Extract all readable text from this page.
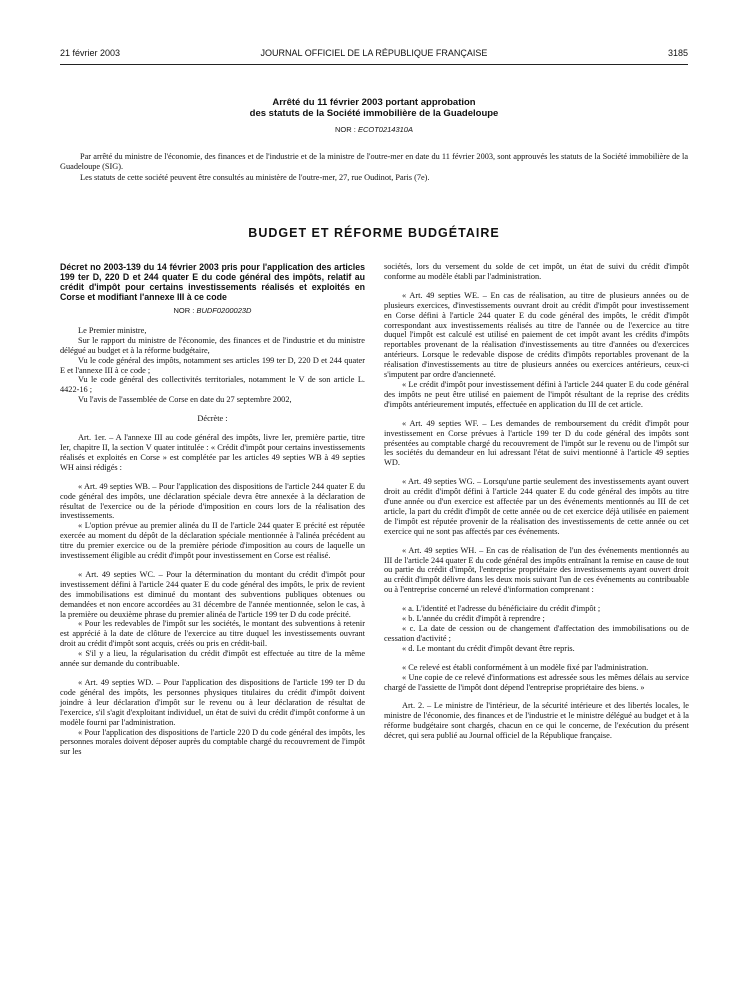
21 février 2003	JOURNAL OFFICIEL DE LA RÉPUBLIQUE FRANÇAISE	3185
Arrêté du 11 février 2003 portant approbation
des statuts de la Société immobilière de la Guadeloupe
NOR : ECOT0214310A

Par arrêté du ministre de l'économie, des finances et de l'industrie et de la ministre de l'outre-mer en date du 11 février 2003, sont approuvés les statuts de la Société immobilière de la Guadeloupe (SIG).

Les statuts de cette société peuvent être consultés au ministère de l'outre-mer, 27, rue Oudinot, Paris (7e).

BUDGET ET RÉFORME BUDGÉTAIRE

Décret no 2003-139 du 14 février 2003 pris pour l'application des articles 199 ter D, 220 D et 244 quater E du code général des impôts, relatif au crédit d'impôt pour certains investissements réalisés et exploités en Corse et modifiant l'annexe III à ce code

NOR : BUDF0200023D

Le Premier ministre,

Sur le rapport du ministre de l'économie, des finances et de l'industrie et du ministre délégué au budget et à la réforme budgétaire,

Vu le code général des impôts, notamment ses articles 199 ter D, 220 D et 244 quater E et l'annexe III à ce code ;

Vu le code général des collectivités territoriales, notamment le V de son article L. 4422-16 ;

Vu l'avis de l'assemblée de Corse en date du 27 septembre 2002,

Décrète :

Art. 1er. – A l'annexe III au code général des impôts, livre Ier, première partie, titre Ier, chapitre II, la section V quater intitulée : « Crédit d'impôt pour certains investissements réalisés et exploités en Corse » est complétée par les articles 49 septies WB à 49 septies WH ainsi rédigés :

« Art. 49 septies WB. – Pour l'application des dispositions de l'article 244 quater E du code général des impôts, une déclaration spéciale devra être annexée à la déclaration de résultat de l'exercice ou de la période d'imposition en cours lors de la réalisation des investissements.

« L'option prévue au premier alinéa du II de l'article 244 quater E précité est réputée exercée au moment du dépôt de la déclaration spéciale mentionnée à l'alinéa précédent au titre du premier exercice ou de la première période d'imposition au cours de laquelle un investissement éligible au crédit d'impôt pour investissement en Corse est réalisé.

« Art. 49 septies WC. – Pour la détermination du montant du crédit d'impôt pour investissement défini à l'article 244 quater E du code général des impôts, le prix de revient des immobilisations est diminué du montant des subventions publiques obtenues ou demandées et non encore accordées au 31 décembre de l'année mentionnée, selon le cas, à la première ou deuxième phrase du premier alinéa de l'article 199 ter D du code précité.

« Pour les redevables de l'impôt sur les sociétés, le montant des subventions à retenir est apprécié à la date de clôture de l'exercice au titre duquel les investissements ouvrant droit au crédit d'impôt sont acquis, créés ou pris en crédit-bail.

« S'il y a lieu, la régularisation du crédit d'impôt est effectuée au titre de la même année sur demande du contribuable.

« Art. 49 septies WD. – Pour l'application des dispositions de l'article 199 ter D du code général des impôts, les personnes physiques titulaires du crédit d'impôt doivent joindre à leur déclaration d'impôt sur le revenu ou à leur déclaration de résultat de l'exercice, s'il s'agit d'exploitant individuel, un état de suivi du crédit d'impôt conforme à un modèle fourni par l'administration.

« Pour l'application des dispositions de l'article 220 D du code général des impôts, les personnes morales doivent déposer auprès du comptable chargé du recouvrement de l'impôt sur les

sociétés, lors du versement du solde de cet impôt, un état de suivi du crédit d'impôt conforme au modèle établi par l'administration.

« Art. 49 septies WE. – En cas de réalisation, au titre de plusieurs années ou de plusieurs exercices, d'investissements ouvrant droit au crédit d'impôt pour investissement en Corse défini à l'article 244 quater E du code général des impôts, le crédit d'impôt correspondant aux investissements réalisés au titre de l'année ou de l'exercice au titre duquel l'impôt est calculé est utilisé en paiement de cet impôt avant les crédits d'impôts reportables provenant de la réalisation d'investissements au titre d'années ou d'exercices antérieurs. Lorsque le redevable dispose de crédits d'impôts reportables provenant de la réalisation d'investissements au titre de plusieurs années ou exercices antérieurs, ceux-ci s'imputent par ordre d'ancienneté.

« Le crédit d'impôt pour investissement défini à l'article 244 quater E du code général des impôts ne peut être utilisé en paiement de l'impôt résultant de la reprise des crédits d'impôts antérieurement imputés, effectuée en application du III de cet article.

« Art. 49 septies WF. – Les demandes de remboursement du crédit d'impôt pour investissement en Corse prévues à l'article 199 ter D du code général des impôts sont présentées au comptable chargé du recouvrement de l'impôt sur le revenu ou de l'impôt sur les sociétés du demandeur en lui adressant l'état de suivi mentionné à l'article 49 septies WD.

« Art. 49 septies WG. – Lorsqu'une partie seulement des investissements ayant ouvert droit au crédit d'impôt défini à l'article 244 quater E du code général des impôts au titre d'une année ou d'un exercice est affectée par un des événements mentionnés au III de cet article, la part du crédit d'impôt de cette année ou de cet exercice déjà utilisée en paiement de l'impôt est réputée provenir de la réalisation des investissements de cette année ou cet exercice qui ne sont pas affectés par ces événements.

« Art. 49 septies WH. – En cas de réalisation de l'un des événements mentionnés au III de l'article 244 quater E du code général des impôts entraînant la remise en cause de tout ou partie du crédit d'impôt, l'entreprise propriétaire des investissements ayant ouvert droit au crédit d'impôt délivre dans les deux mois suivant l'un de ces événements au contribuable ou à l'entreprise concerné un relevé d'information comprenant :

« a. L'identité et l'adresse du bénéficiaire du crédit d'impôt ;

« b. L'année du crédit d'impôt à reprendre ;

« c. La date de cession ou de changement d'affectation des immobilisations ou de cessation d'activité ;

« d. Le montant du crédit d'impôt devant être repris.

« Ce relevé est établi conformément à un modèle fixé par l'administration.

« Une copie de ce relevé d'informations est adressée sous les mêmes délais au service chargé de l'assiette de l'impôt dont dépend l'entreprise propriétaire des biens. »

Art. 2. – Le ministre de l'intérieur, de la sécurité intérieure et des libertés locales, le ministre de l'économie, des finances et de l'industrie et le ministre délégué au budget et à la réforme budgétaire sont chargés, chacun en ce qui le concerne, de l'exécution du présent décret, qui sera publié au Journal officiel de la République française.
